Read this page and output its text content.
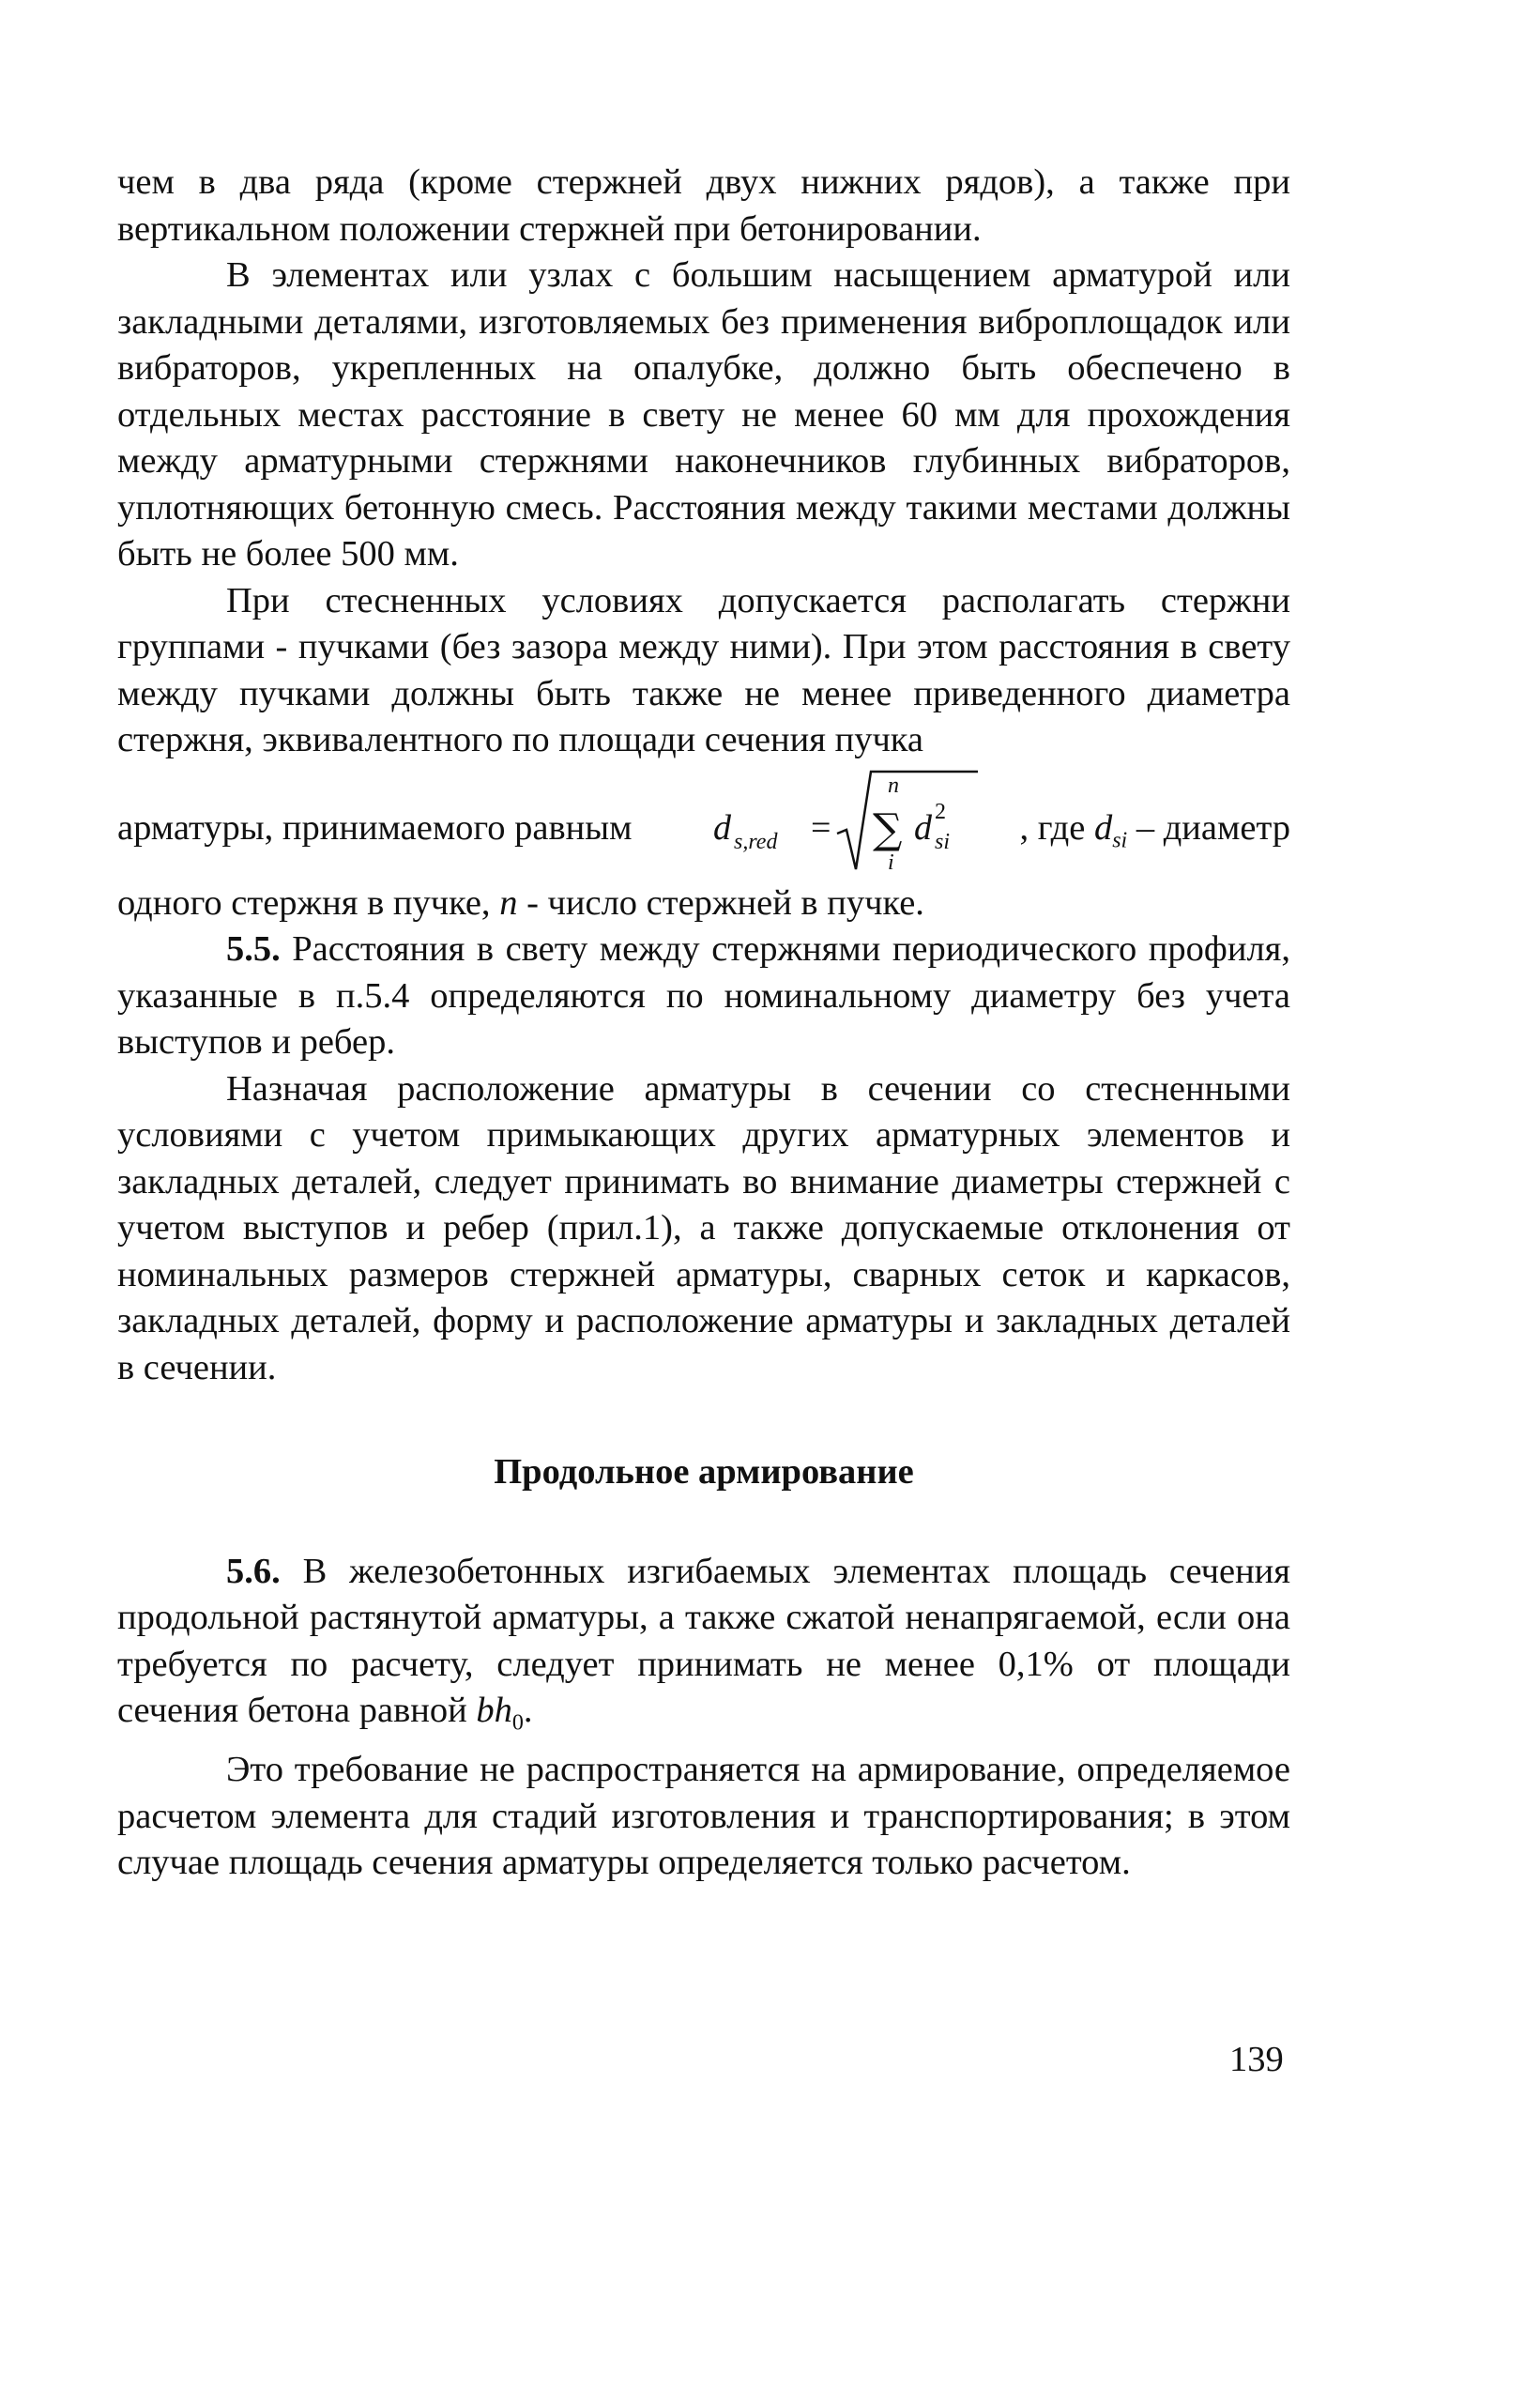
чем в два ряда (кроме стержней двух нижних рядов), а также при вертикальном положении стержней при бетонировании.

В элементах или узлах с большим насыщением арматурой или закладными деталями, изготовляемых без применения виброплощадок или вибраторов, укрепленных на опалубке, должно быть обеспечено в отдельных местах расстояние в свету не менее 60 мм для прохождения между арматурными стержнями наконечников глубинных вибраторов, уплотняющих бетонную смесь. Расстояния между такими местами должны быть не более 500 мм.

При стесненных условиях допускается располагать стержни группами - пучками (без зазора между ними). При этом расстояния в свету между пучками должны быть также не менее приведенного диаметра стержня, эквивалентного по площади сечения пучка

арматуры, принимаемого равным d s,red =
n
∑
i
d 2
si , где $d_{si}$ – диаметр

одного стержня в пучке, n - число стержней в пучке.

5.5. Расстояния в свету между стержнями периодического профиля, указанные в п.5.4 определяются по номинальному диаметру без учета выступов и ребер.

Назначая расположение арматуры в сечении со стесненными условиями с учетом примыкающих других арматурных элементов и закладных деталей, следует принимать во внимание диаметры стержней с учетом выступов и ребер (прил.1), а также допускаемые отклонения от номинальных размеров стержней арматуры, сварных сеток и каркасов, закладных деталей, форму и расположение арматуры и закладных деталей в сечении.

Продольное армирование

5.6. В железобетонных изгибаемых элементах площадь сечения продольной растянутой арматуры, а также сжатой ненапрягаемой, если она требуется по расчету, следует принимать не менее 0,1% от площади сечения бетона равной $bh_0$.

Это требование не распространяется на армирование, определяемое расчетом элемента для стадий изготовления и транспортирования; в этом случае площадь сечения арматуры определяется только расчетом.

139
